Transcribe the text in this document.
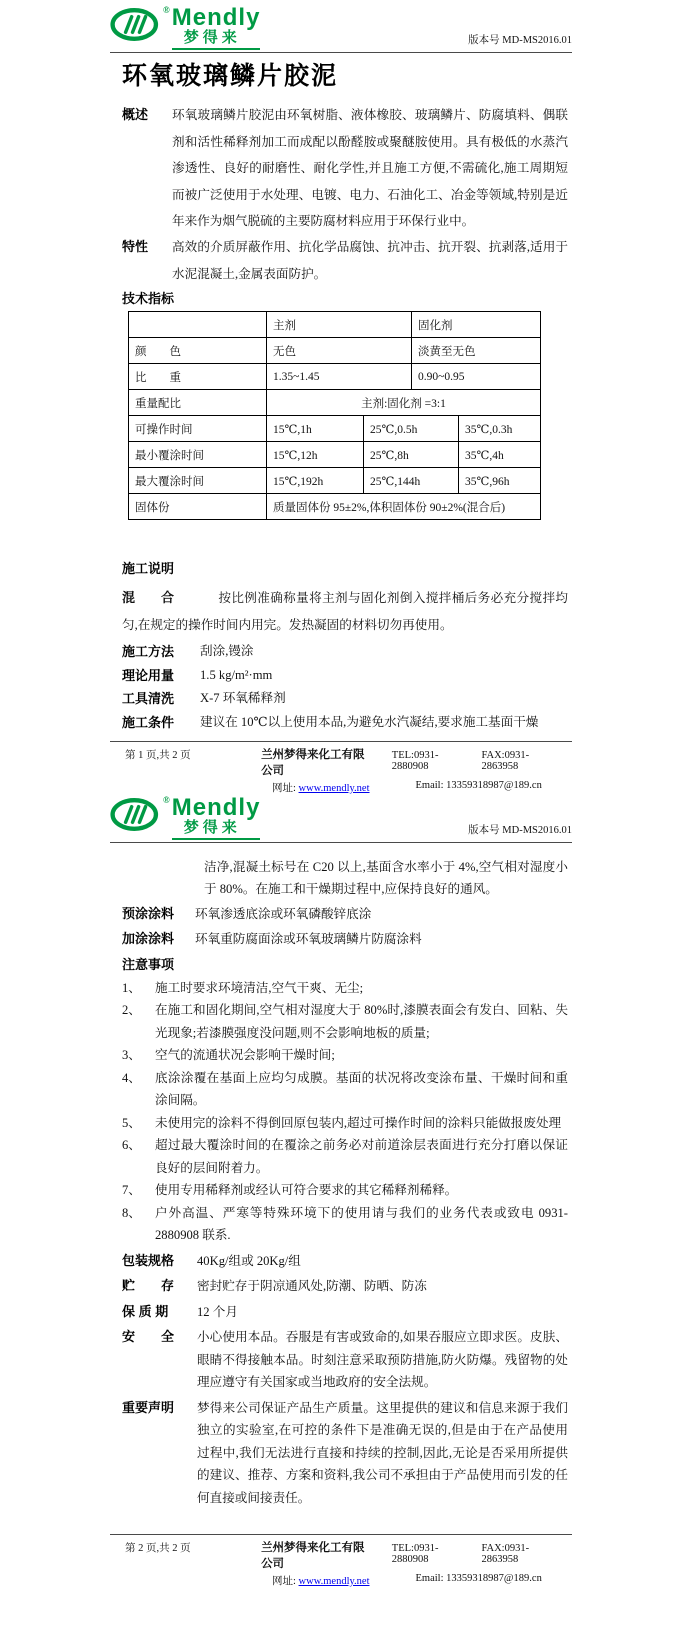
® Mendly
梦得来	版本号 MD-MS2016.01
环氧玻璃鳞片胶泥
概述	环氧玻璃鳞片胶泥由环氧树脂、液体橡胶、玻璃鳞片、防腐填料、偶联剂和活性稀释剂加工而成配以酚醛胺或聚醚胺使用。具有极低的水蒸汽渗透性、良好的耐磨性、耐化学性,并且施工方便,不需硫化,施工周期短而被广泛使用于水处理、电镀、电力、石油化工、冶金等领域,特别是近年来作为烟气脱硫的主要防腐材料应用于环保行业中。
特性	高效的介质屏蔽作用、抗化学品腐蚀、抗冲击、抗开裂、抗剥落,适用于水泥混凝土,金属表面防护。
技术指标
	主剂		固化剂	
颜　　色	无色		淡黄至无色	
比　　重	1.35~1.45		0.90~0.95	
重量配比	主剂:固化剂 =3:1			
可操作时间	15℃,1h	25℃,0.5h		35℃,0.3h
最小覆涂时间	15℃,12h	25℃,8h		35℃,4h
最大覆涂时间	15℃,192h	25℃,144h		35℃,96h
固体份	质量固体份 95±2%,体积固体份 90±2%(混合后)			
施工说明

混　　合	按比例准确称量将主剂与固化剂倒入搅拌桶后务必充分搅拌均匀,在规定的操作时间内用完。发热凝固的材料切勿再使用。

施工方法	刮涂,镘涂
理论用量	1.5 kg/m²·mm
工具清洗	X-7 环氧稀释剂
施工条件	建议在 10℃以上使用本品,为避免水汽凝结,要求施工基面干燥
第 1 页,共 2 页	兰州梦得来化工有限公司
TEL:0931-2880908
FAX:0931-2863958
网址: www.mendly.net	Email: 13359318987@189.cn
® Mendly
梦得来	版本号 MD-MS2016.01

洁净,混凝土标号在 C20 以上,基面含水率小于 4%,空气相对湿度小于 80%。在施工和干燥期过程中,应保持良好的通风。

预涂涂料	环氧渗透底涂或环氧磷酸锌底涂
加涂涂料	环氧重防腐面涂或环氧玻璃鳞片防腐涂料
注意事项
1、	施工时要求环境清洁,空气干爽、无尘;
2、	在施工和固化期间,空气相对湿度大于 80%时,漆膜表面会有发白、回粘、失光现象;若漆膜强度没问题,则不会影响地板的质量;
3、	空气的流通状况会影响干燥时间;
4、	底涂涂覆在基面上应均匀成膜。基面的状况将改变涂布量、干燥时间和重涂间隔。
5、	未使用完的涂料不得倒回原包装内,超过可操作时间的涂料只能做报废处理
6、	超过最大覆涂时间的在覆涂之前务必对前道涂层表面进行充分打磨以保证良好的层间附着力。
7、	使用专用稀释剂或经认可符合要求的其它稀释剂稀释。
8、	户外高温、严寒等特殊环境下的使用请与我们的业务代表或致电 0931-2880908 联系.
包装规格	40Kg/组或 20Kg/组
贮　　存	密封贮存于阴凉通风处,防潮、防晒、防冻
保 质 期	12 个月
安　　全	小心使用本品。吞服是有害或致命的,如果吞服应立即求医。皮肤、眼睛不得接触本品。时刻注意采取预防措施,防火防爆。残留物的处理应遵守有关国家或当地政府的安全法规。
重要声明	梦得来公司保证产品生产质量。这里提供的建议和信息来源于我们独立的实验室,在可控的条件下是准确无误的,但是由于在产品使用过程中,我们无法进行直接和持续的控制,因此,无论是否采用所提供的建议、推荐、方案和资料,我公司不承担由于产品使用而引发的任何直接或间接责任。
第 2 页,共 2 页	兰州梦得来化工有限公司
TEL:0931-2880908
FAX:0931-2863958
网址: www.mendly.net	Email: 13359318987@189.cn
